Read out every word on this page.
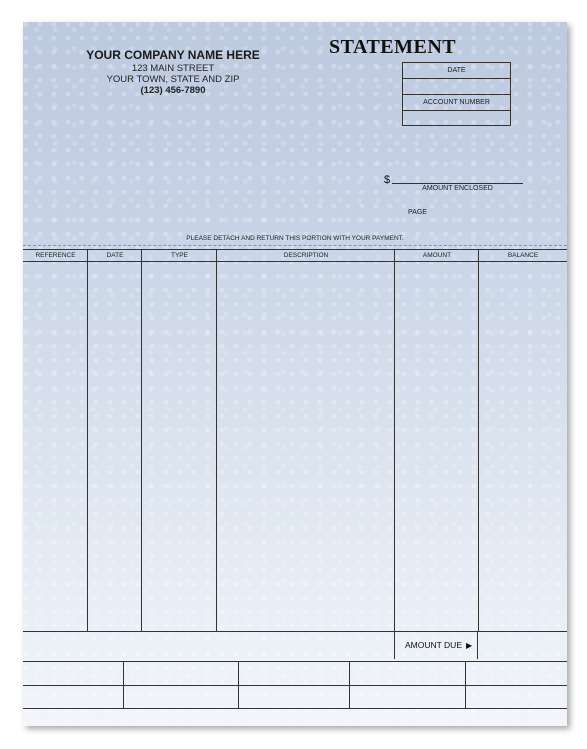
YOUR COMPANY NAME HERE
123 MAIN STREET
YOUR TOWN, STATE AND ZIP
(123) 456-7890
STATEMENT
DATE
ACCOUNT NUMBER
$
AMOUNT ENCLOSED
PAGE
PLEASE DETACH AND RETURN THIS PORTION WITH YOUR PAYMENT.
REFERENCE	DATE	TYPE	DESCRIPTION	AMOUNT	BALANCE
AMOUNT DUE ▶
